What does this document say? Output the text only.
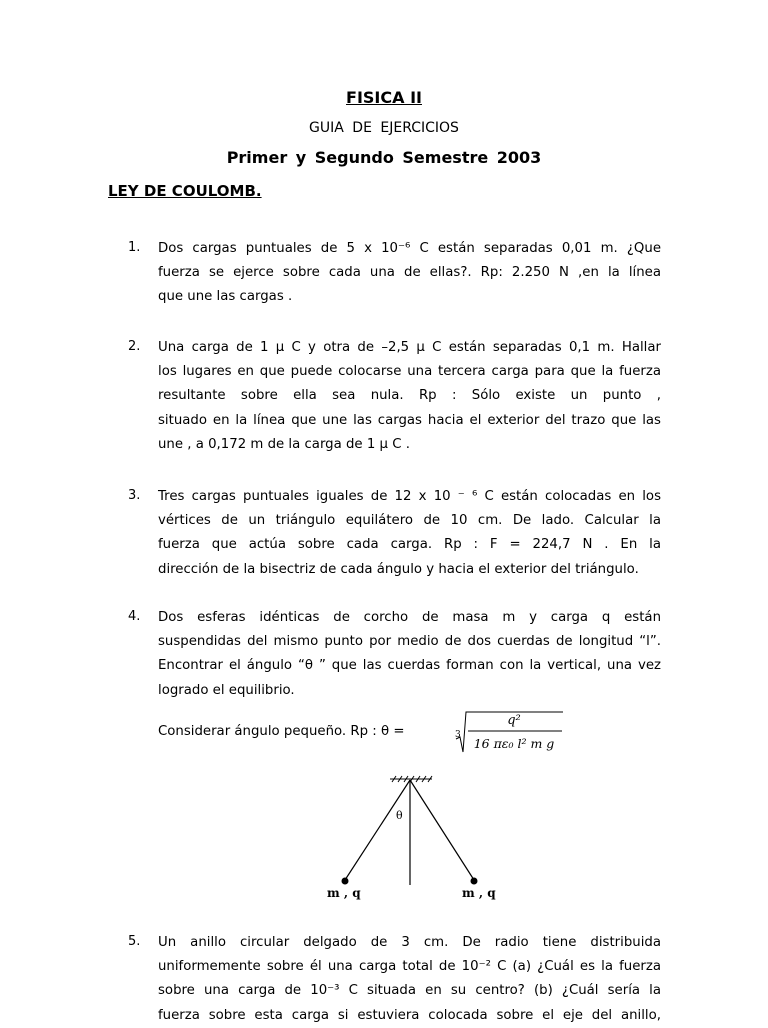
FISICA II
GUIA DE EJERCICIOS
Primer y Segundo Semestre 2003
LEY DE COULOMB.
1. Dos cargas puntuales de 5 x 10⁻⁶ C están separadas 0,01 m. ¿Que
fuerza se ejerce sobre cada una de ellas?. Rp: 2.250 N ,en la línea
que une las cargas .
2. Una carga de 1 μ C y otra de –2,5 μ C están separadas 0,1 m. Hallar
los lugares en que puede colocarse una tercera carga para que la fuerza
resultante sobre ella sea nula. Rp : Sólo existe un punto ,
situado en la línea que une las cargas hacia el exterior del trazo que las
une , a 0,172 m de la carga de 1 μ C .
3. Tres cargas puntuales iguales de 12 x 10 ⁻ ⁶ C están colocadas en los
vértices de un triángulo equilátero de 10 cm. De lado. Calcular la
fuerza que actúa sobre cada carga. Rp : F = 224,7 N . En la
dirección de la bisectriz de cada ángulo y hacia el exterior del triángulo.
4. Dos esferas idénticas de corcho de masa m y carga q están
suspendidas del mismo punto por medio de dos cuerdas de longitud “l”.
Encontrar el ángulo “θ ” que las cuerdas forman con la vertical, una vez
logrado el equilibrio.
Considerar ángulo pequeño. Rp : θ =	3
q²
16 πε₀ l² m g
θ
m , q	m , q
5. Un anillo circular delgado de 3 cm. De radio tiene distribuida
uniformemente sobre él una carga total de 10⁻² C (a) ¿Cuál es la fuerza
sobre una carga de 10⁻³ C situada en su centro? (b) ¿Cuál sería la
fuerza sobre esta carga si estuviera colocada sobre el eje del anillo,
